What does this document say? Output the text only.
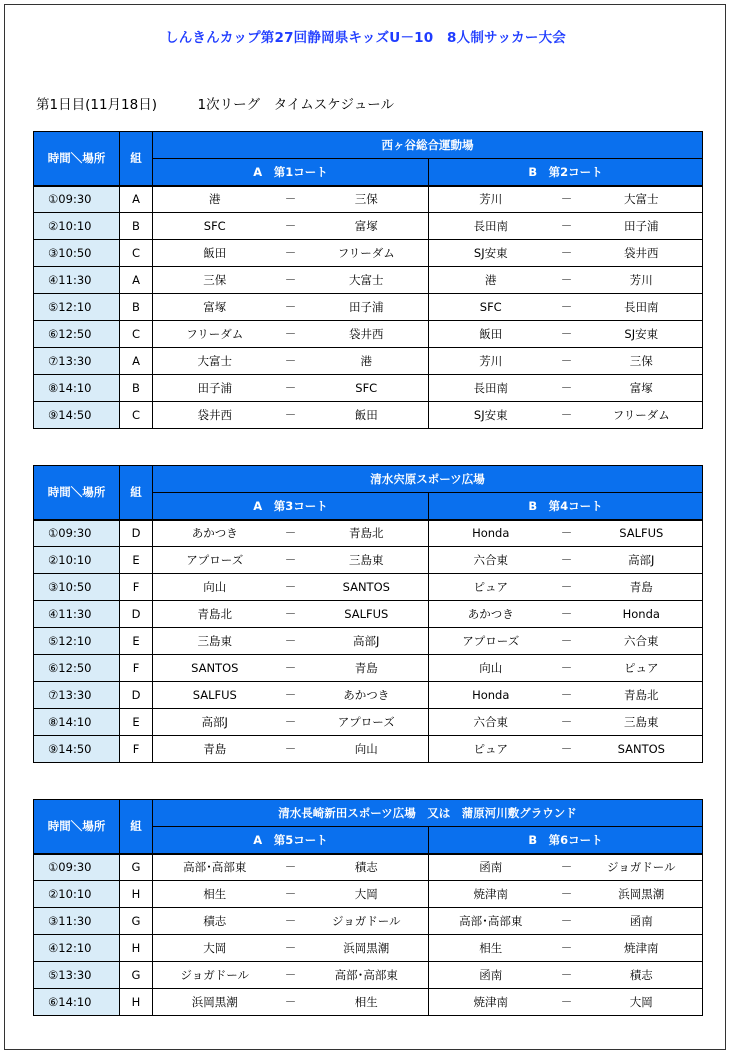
しんきんカップ第27回静岡県キッズU－10　8人制サッカー大会
第1日目(11月18日)　　　1次リーグ　タイムスケジュール
時間＼場所	組	西ヶ谷総合運動場					
		A　第1コート			B　第2コート		
①09:30	A	港	－	三保	芳川	－	大富士
②10:10	B	SFC	－	富塚	長田南	－	田子浦
③10:50	C	飯田	－	フリーダム	SJ安東	－	袋井西
④11:30	A	三保	－	大富士	港	－	芳川
⑤12:10	B	富塚	－	田子浦	SFC	－	長田南
⑥12:50	C	フリーダム	－	袋井西	飯田	－	SJ安東
⑦13:30	A	大富士	－	港	芳川	－	三保
⑧14:10	B	田子浦	－	SFC	長田南	－	富塚
⑨14:50	C	袋井西	－	飯田	SJ安東	－	フリーダム
時間＼場所	組	清水宍原スポーツ広場					
		A　第3コート			B　第4コート		
①09:30	D	あかつき	－	青島北	Honda	－	SALFUS
②10:10	E	アプローズ	－	三島東	六合東	－	高部J
③10:50	F	向山	－	SANTOS	ピュア	－	青島
④11:30	D	青島北	－	SALFUS	あかつき	－	Honda
⑤12:10	E	三島東	－	高部J	アプローズ	－	六合東
⑥12:50	F	SANTOS	－	青島	向山	－	ピュア
⑦13:30	D	SALFUS	－	あかつき	Honda	－	青島北
⑧14:10	E	高部J	－	アプローズ	六合東	－	三島東
⑨14:50	F	青島	－	向山	ピュア	－	SANTOS
時間＼場所	組	清水長崎新田スポーツ広場　又は　蒲原河川敷グラウンド					
		A　第5コート			B　第6コート		
①09:30	G	高部･高部東	－	積志	函南	－	ジョガドール
②10:10	H	相生	－	大岡	焼津南	－	浜岡黒潮
③11:30	G	積志	－	ジョガドール	高部･高部東	－	函南
④12:10	H	大岡	－	浜岡黒潮	相生	－	焼津南
⑤13:30	G	ジョガドール	－	高部･高部東	函南	－	積志
⑥14:10	H	浜岡黒潮	－	相生	焼津南	－	大岡
